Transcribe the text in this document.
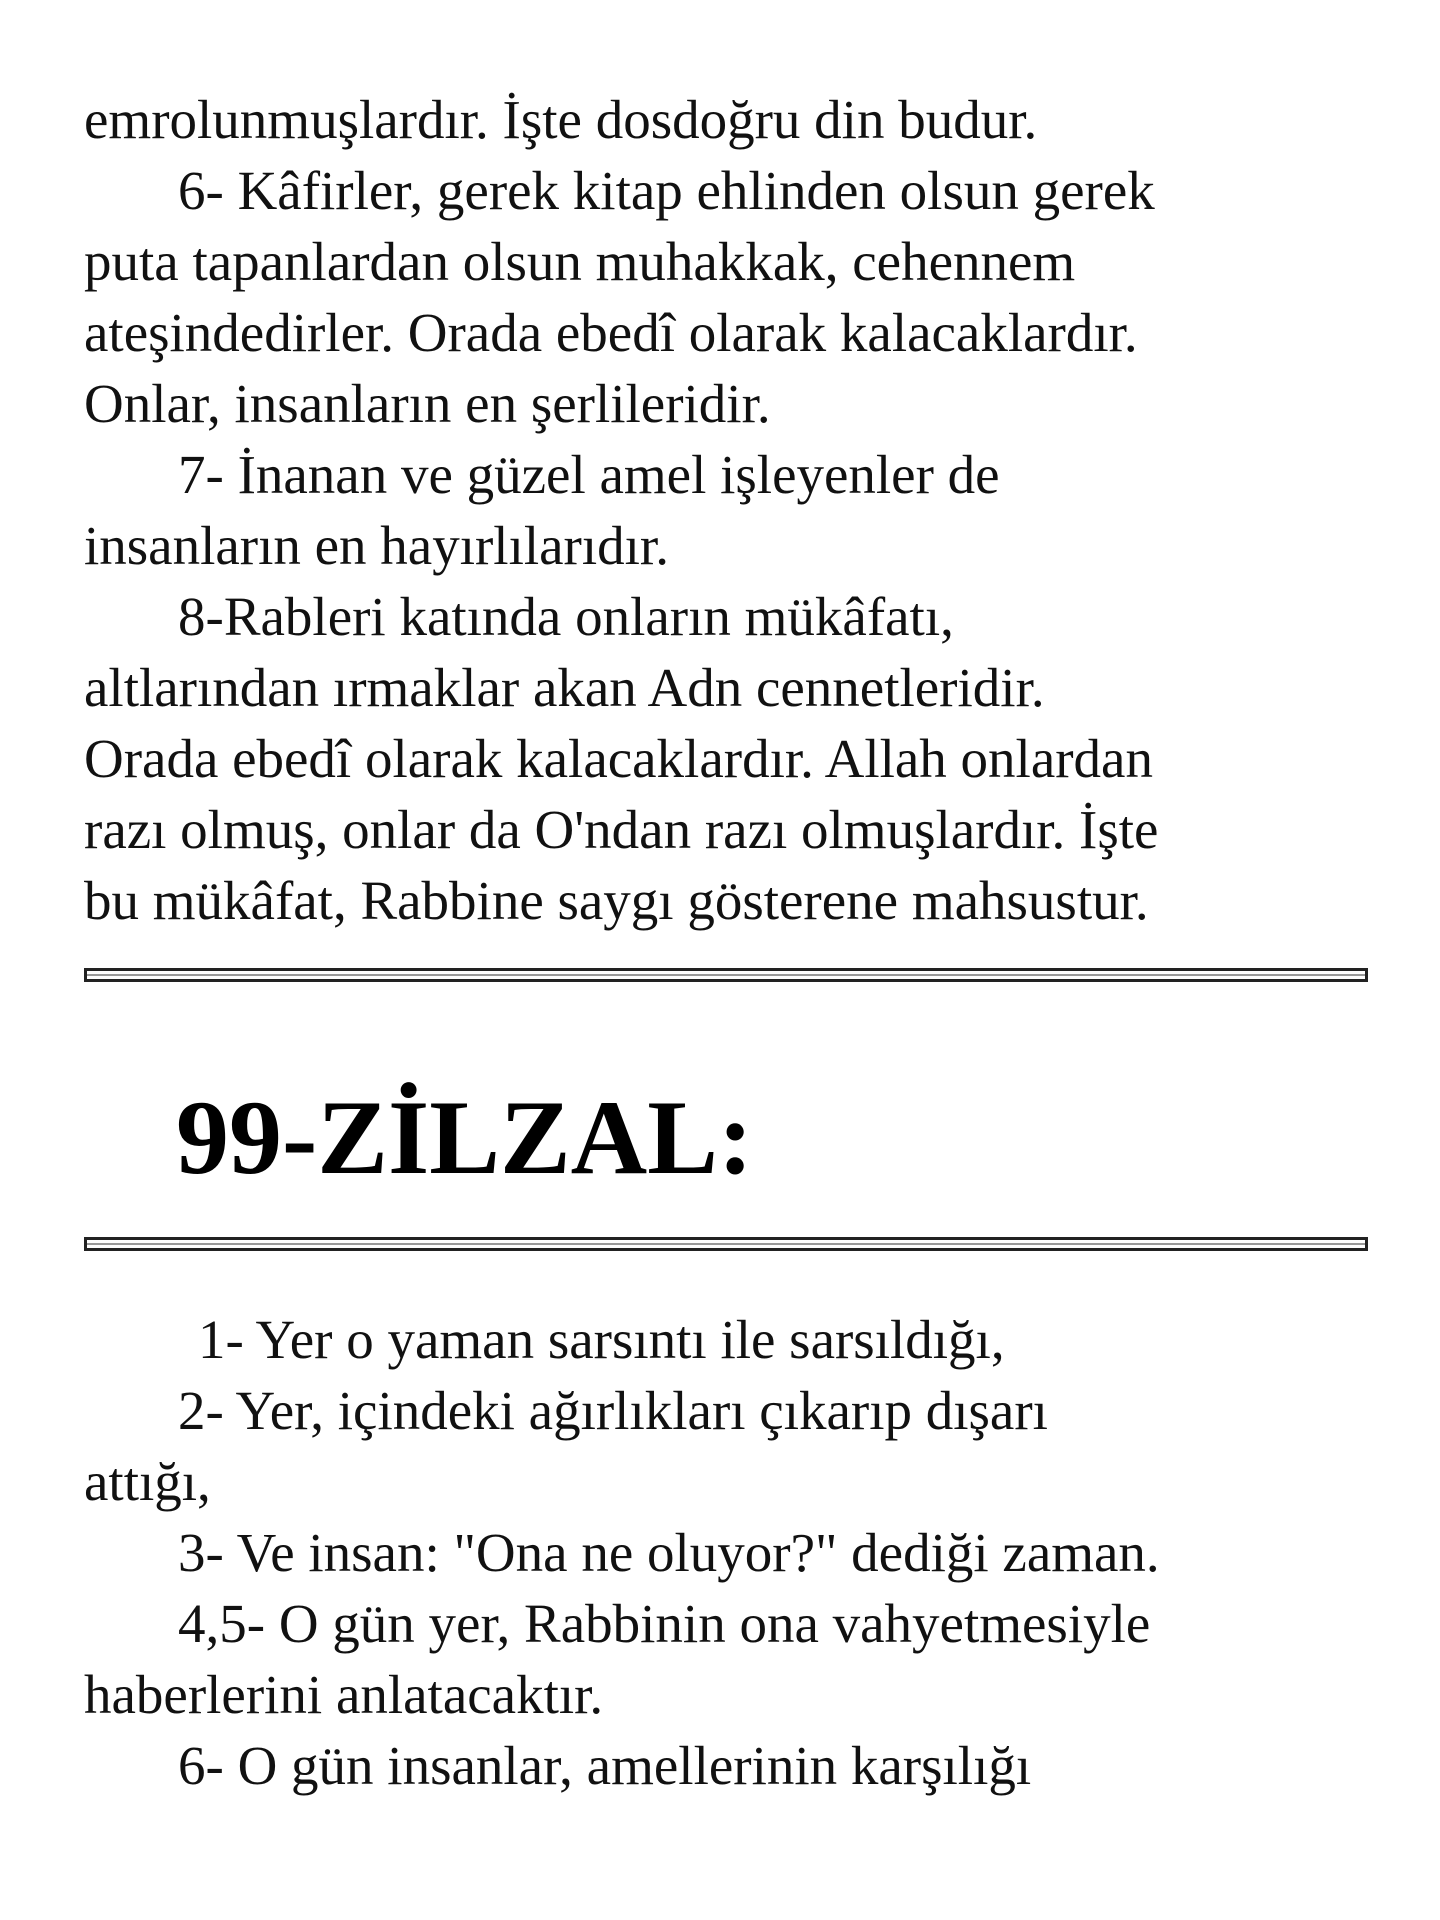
emrolunmuşlardır. İşte dosdoğru din budur.
6- Kâfirler, gerek kitap ehlinden olsun gerek
puta tapanlardan olsun muhakkak, cehennem
ateşindedirler. Orada ebedî olarak kalacaklardır.
Onlar, insanların en şerlileridir.
7- İnanan ve güzel amel işleyenler de
insanların en hayırlılarıdır.
8-Rableri katında onların mükâfatı,
altlarından ırmaklar akan Adn cennetleridir.
Orada ebedî olarak kalacaklardır. Allah onlardan
razı olmuş, onlar da O'ndan razı olmuşlardır. İşte
bu mükâfat, Rabbine saygı gösterene mahsustur.
99-ZİLZAL:
1- Yer o yaman sarsıntı ile sarsıldığı,
2- Yer, içindeki ağırlıkları çıkarıp dışarı
attığı,
3- Ve insan: "Ona ne oluyor?" dediği zaman.
4,5- O gün yer, Rabbinin ona vahyetmesiyle
haberlerini anlatacaktır.
6- O gün insanlar, amellerinin karşılığı
